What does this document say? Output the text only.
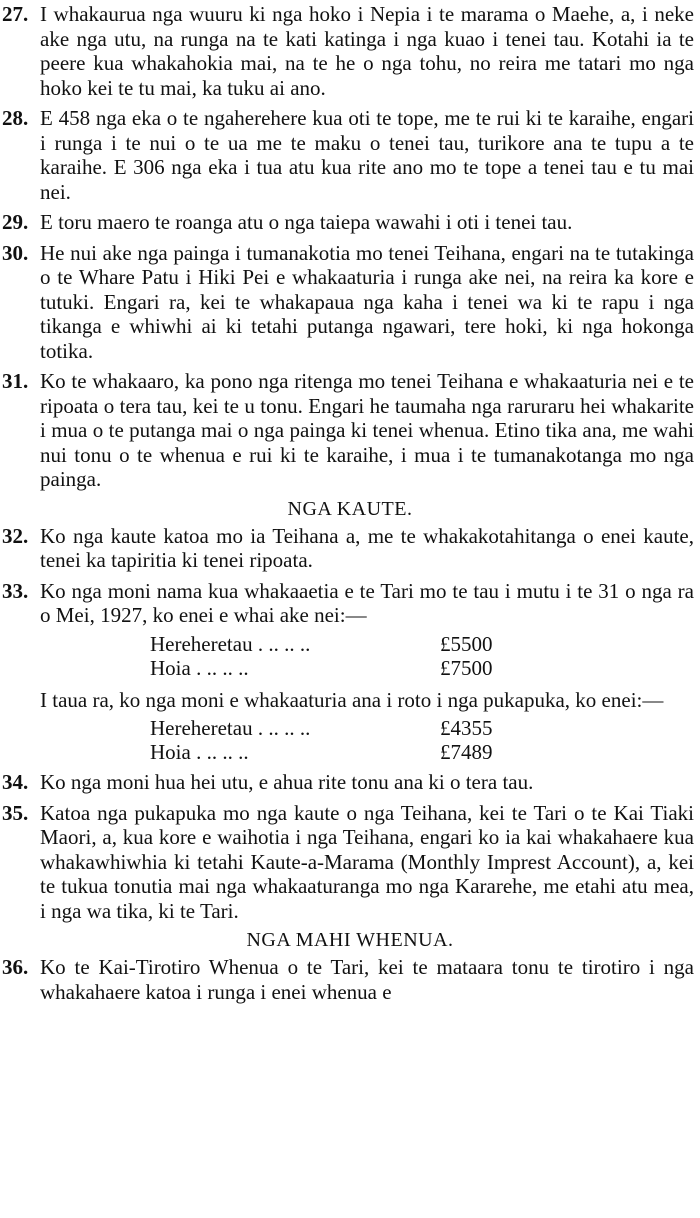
27. I whakaurua nga wuuru ki nga hoko i Nepia i te marama o Maehe, a, i neke ake nga utu, na runga na te kati katinga i nga kuao i tenei tau. Kotahi ia te peere kua whakahokia mai, na te he o nga tohu, no reira me tatari mo nga hoko kei te tu mai, ka tuku ai ano.
28. E 458 nga eka o te ngaherehere kua oti te tope, me te rui ki te karaihe, engari i runga i te nui o te ua me te maku o tenei tau, turikore ana te tupu a te karaihe. E 306 nga eka i tua atu kua rite ano mo te tope a tenei tau e tu mai nei.
29. E toru maero te roanga atu o nga taiepa wawahi i oti i tenei tau.
30. He nui ake nga painga i tumanakotia mo tenei Teihana, engari na te tutakinga o te Whare Patu i Hiki Pei e whakaaturia i runga ake nei, na reira ka kore e tutuki. Engari ra, kei te whakapaua nga kaha i tenei wa ki te rapu i nga tikanga e whiwhi ai ki tetahi putanga ngawari, tere hoki, ki nga hokonga totika.
31. Ko te whakaaro, ka pono nga ritenga mo tenei Teihana e whakaaturia nei e te ripoata o tera tau, kei te u tonu. Engari he taumaha nga raruraru hei whakarite i mua o te putanga mai o nga painga ki tenei whenua. Etino tika ana, me wahi nui tonu o te whenua e rui ki te karaihe, i mua i te tumanakotanga mo nga painga.
NGA KAUTE.
32. Ko nga kaute katoa mo ia Teihana a, me te whakakotahitanga o enei kaute, tenei ka tapiritia ki tenei ripoata.
33. Ko nga moni nama kua whakaaetia e te Tari mo te tau i mutu i te 31 o nga ra o Mei, 1927, ko enei e whai ake nei:—
Hereheretau . .. .. ..	£5500
Hoia . .. .. ..	£7500
I taua ra, ko nga moni e whakaaturia ana i roto i nga pukapuka, ko enei:—
Hereheretau . .. .. ..	£4355
Hoia . .. .. ..	£7489
34. Ko nga moni hua hei utu, e ahua rite tonu ana ki o tera tau.
35. Katoa nga pukapuka mo nga kaute o nga Teihana, kei te Tari o te Kai Tiaki Maori, a, kua kore e waihotia i nga Teihana, engari ko ia kai whakahaere kua whakawhiwhia ki tetahi Kaute-a-Marama (Monthly Imprest Account), a, kei te tukua tonutia mai nga whakaaturanga mo nga Kararehe, me etahi atu mea, i nga wa tika, ki te Tari.
NGA MAHI WHENUA.
36. Ko te Kai-Tirotiro Whenua o te Tari, kei te mataara tonu te tirotiro i nga whakahaere katoa i runga i enei whenua e
